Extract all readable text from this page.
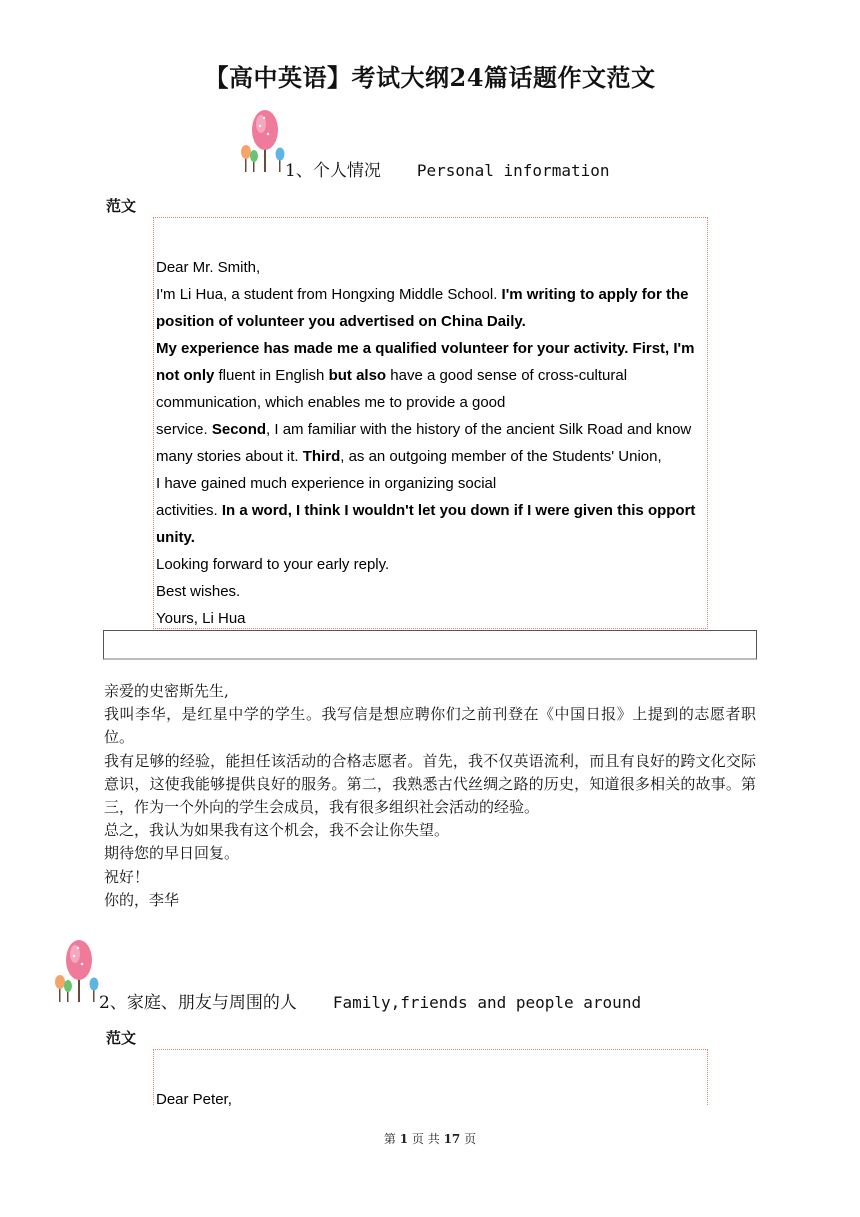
【高中英语】考试大纲24篇话题作文范文
1、个人情况 Personal information
范文

Dear Mr. Smith,

I'm Li Hua, a student from Hongxing Middle School. I'm writing to apply for the

position of volunteer you advertised on China Daily.

My experience has made me a qualified volunteer for your activity. First, I'm

not only fluent in English but also have a good sense of cross-cultural

communication, which enables me to provide a good

service. Second, I am familiar with the history of the ancient Silk Road and know

many stories about it. Third, as an outgoing member of the Students' Union,

I have gained much experience in organizing social

activities. In a word, I think I wouldn't let you down if I were given this opport

unity.

Looking forward to your early reply.

Best wishes.

Yours, Li Hua

亲爱的史密斯先生,

我叫李华，是红星中学的学生。我写信是想应聘你们之前刊登在《中国日报》上提到的志愿者职位。

我有足够的经验，能担任该活动的合格志愿者。首先，我不仅英语流利，而且有良好的跨文化交际意识，这使我能够提供良好的服务。第二，我熟悉古代丝绸之路的历史，知道很多相关的故事。第三，作为一个外向的学生会成员，我有很多组织社会活动的经验。

总之，我认为如果我有这个机会，我不会让你失望。

期待您的早日回复。

祝好！

你的，李华

2、家庭、朋友与周围的人 Family,friends and people around
范文

Dear Peter,

第 1 页 共 17 页
